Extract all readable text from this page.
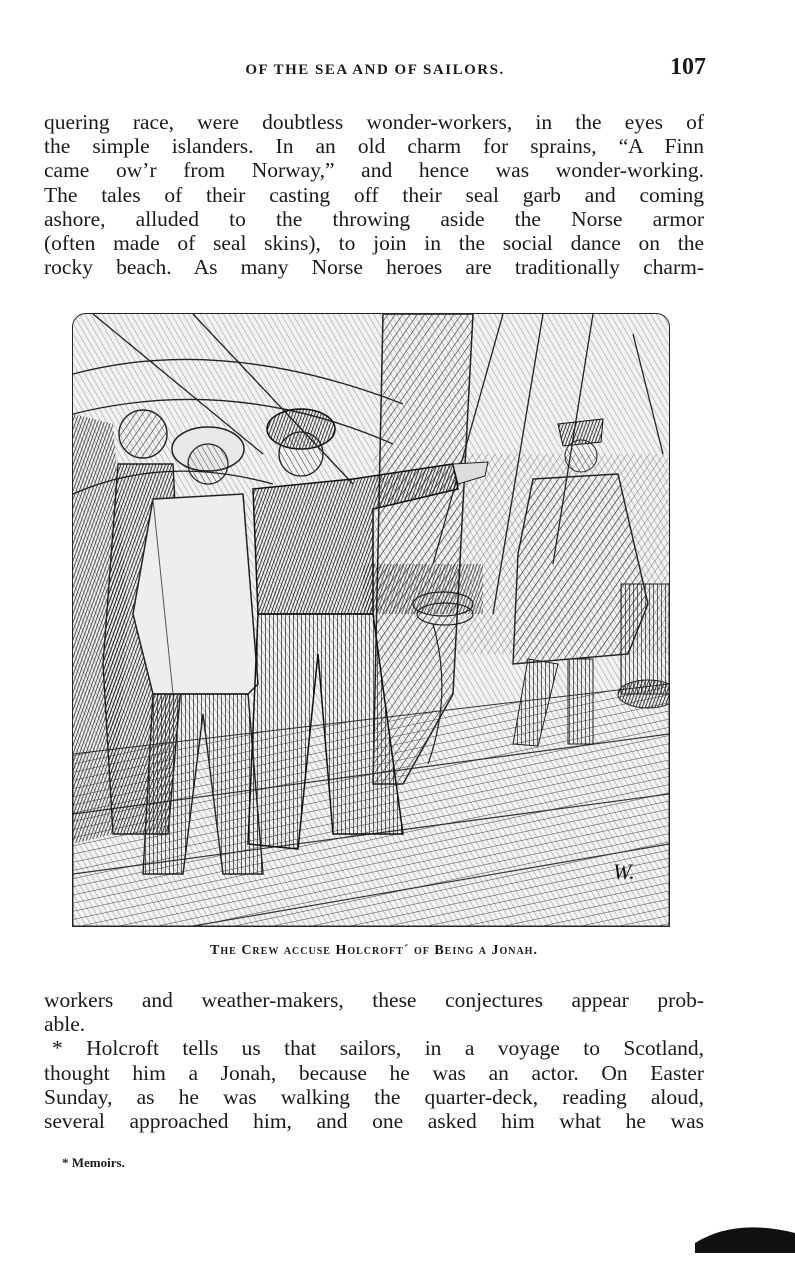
OF THE SEA AND OF SAILORS.	107
quering race, were doubtless wonder-workers, in the eyes of
the simple islanders. In an old charm for sprains, “A Finn
came ow’r from Norway,” and hence was wonder-working.
The tales of their casting off their seal garb and coming
ashore, alluded to the throwing aside the Norse armor
(often made of seal skins), to join in the social dance on the
rocky beach. As many Norse heroes are traditionally charm-
W.
The Crew accuse Holcroft´ of Being a Jonah.
workers and weather-makers, these conjectures appear prob-
able.
* Holcroft tells us that sailors, in a voyage to Scotland,
thought him a Jonah, because he was an actor. On Easter
Sunday, as he was walking the quarter-deck, reading aloud,
several approached him, and one asked him what he was
* Memoirs.
